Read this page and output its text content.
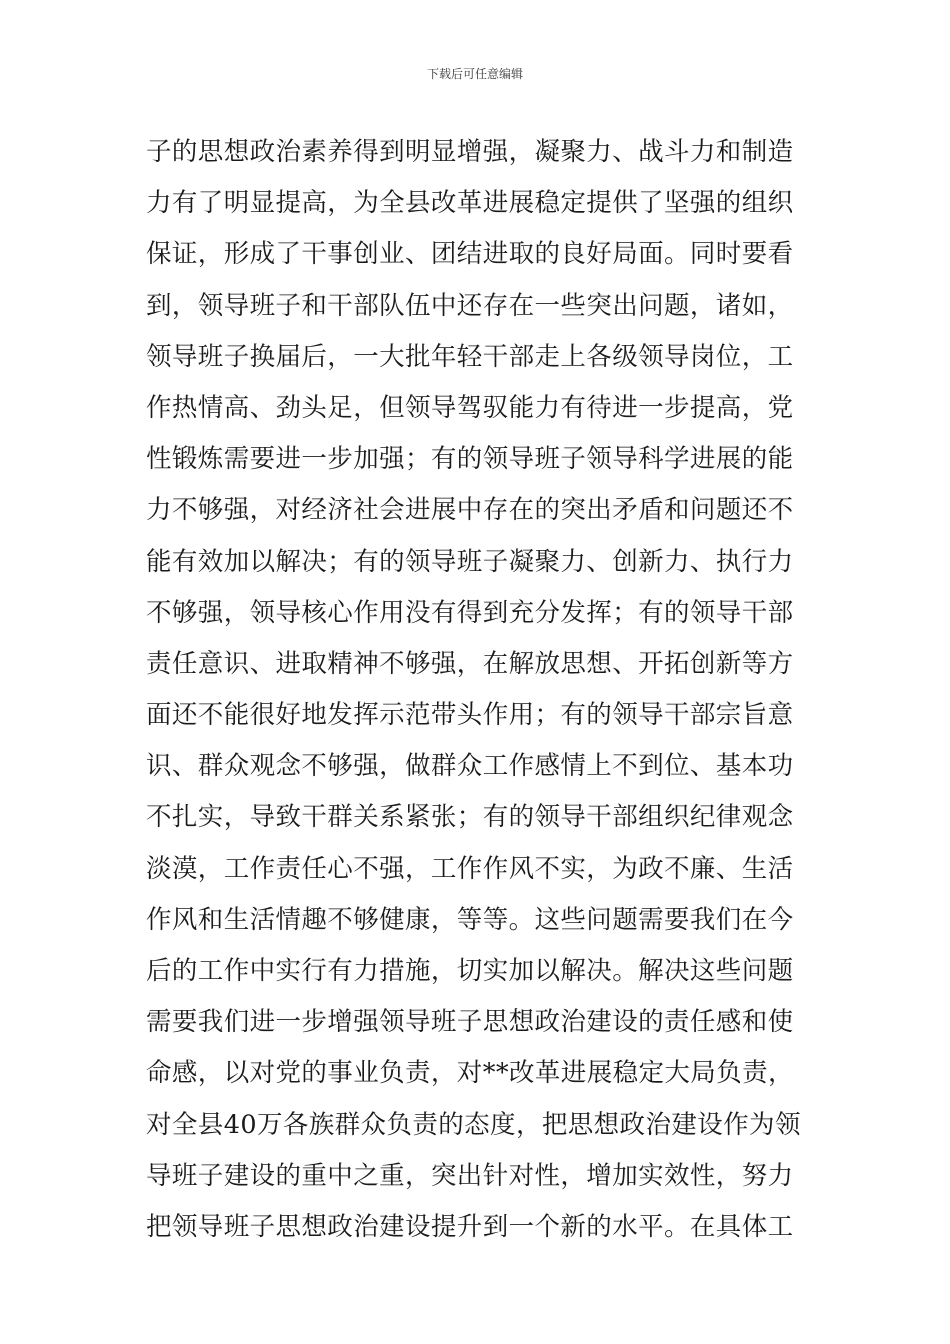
下载后可任意编辑
子的思想政治素养得到明显增强，凝聚力、战斗力和制造
力有了明显提高，为全县改革进展稳定提供了坚强的组织
保证，形成了干事创业、团结进取的良好局面。同时要看
到，领导班子和干部队伍中还存在一些突出问题，诸如，
领导班子换届后，一大批年轻干部走上各级领导岗位，工
作热情高、劲头足，但领导驾驭能力有待进一步提高，党
性锻炼需要进一步加强；有的领导班子领导科学进展的能
力不够强，对经济社会进展中存在的突出矛盾和问题还不
能有效加以解决；有的领导班子凝聚力、创新力、执行力
不够强，领导核心作用没有得到充分发挥；有的领导干部
责任意识、进取精神不够强，在解放思想、开拓创新等方
面还不能很好地发挥示范带头作用；有的领导干部宗旨意
识、群众观念不够强，做群众工作感情上不到位、基本功
不扎实，导致干群关系紧张；有的领导干部组织纪律观念
淡漠，工作责任心不强，工作作风不实，为政不廉、生活
作风和生活情趣不够健康，等等。这些问题需要我们在今
后的工作中实行有力措施，切实加以解决。解决这些问题
需要我们进一步增强领导班子思想政治建设的责任感和使
命感，以对党的事业负责，对**改革进展稳定大局负责，
对全县40万各族群众负责的态度，把思想政治建设作为领
导班子建设的重中之重，突出针对性，增加实效性，努力
把领导班子思想政治建设提升到一个新的水平。在具体工
